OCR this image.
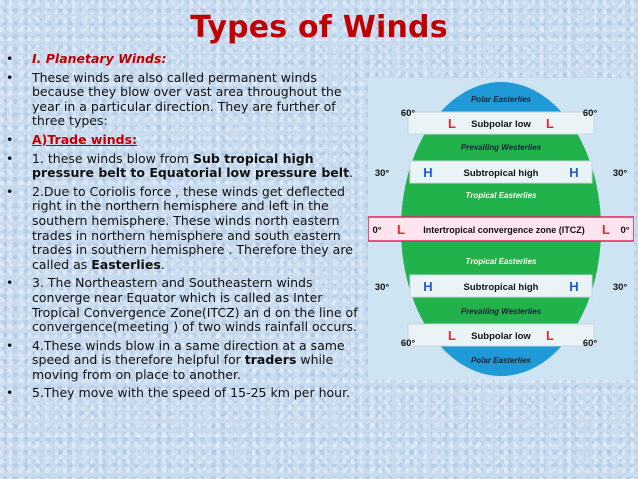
Types of Winds
• I. Planetary Winds:
• These winds are also called permanent winds because they blow over vast area throughout the year in a particular direction. They are further of three types:
• A)Trade winds:
• 1. these winds blow from Sub tropical high pressure belt to Equatorial low pressure belt.
• 2.Due to Coriolis force , these winds get deflected right in the northern hemisphere and left in the southern hemisphere. These winds north eastern trades in northern hemisphere and south eastern trades in southern hemisphere . Therefore they are called as Easterlies.
• 3. The Northeastern and Southeastern winds converge near Equator which is called as Inter Tropical Convergence Zone(ITCZ) an d on the line of convergence(meeting ) of two winds rainfall occurs.
• 4.These winds blow in a same direction at a same speed and is therefore helpful for traders while moving from on place to another.
• 5.They move with the speed of 15-25 km per hour.
Polar Easterlies
Prevailing Westerlies
Tropical Easterlies
Tropical Easterlies
Prevailing Westerlies
Polar Easterlies
Subpolar low
Subtropical high
Intertropical convergence zone (ITCZ)
Subtropical high
Subpolar low
L	L
H	H
L	L
H	H
L	L
60°	60°
30°	30°
0°	0°
30°	30°
60°	60°
